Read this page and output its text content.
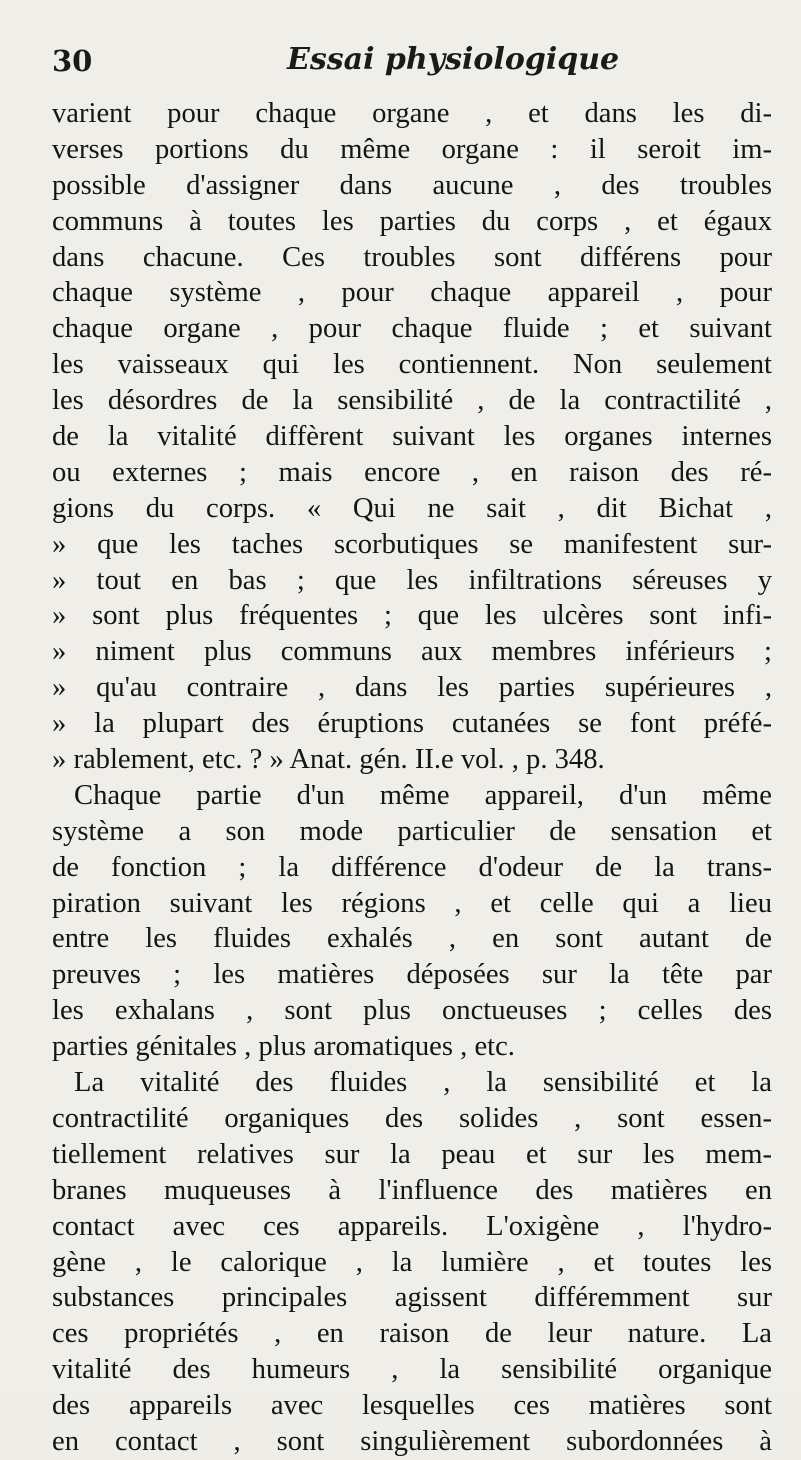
30	Essai physiologique
varient pour chaque organe , et dans les di-
verses portions du même organe : il seroit im-
possible d'assigner dans aucune , des troubles
communs à toutes les parties du corps , et égaux
dans chacune. Ces troubles sont différens pour
chaque système , pour chaque appareil , pour
chaque organe , pour chaque fluide ; et suivant
les vaisseaux qui les contiennent. Non seulement
les désordres de la sensibilité , de la contractilité ,
de la vitalité diffèrent suivant les organes internes
ou externes ; mais encore , en raison des ré-
gions du corps. « Qui ne sait , dit Bichat ,
» que les taches scorbutiques se manifestent sur-
» tout en bas ; que les infiltrations séreuses y
» sont plus fréquentes ; que les ulcères sont infi-
» niment plus communs aux membres inférieurs ;
» qu'au contraire , dans les parties supérieures ,
» la plupart des éruptions cutanées se font préfé-
» rablement, etc. ? » Anat. gén. II.e vol. , p. 348.
Chaque partie d'un même appareil, d'un même
système a son mode particulier de sensation et
de fonction ; la différence d'odeur de la trans-
piration suivant les régions , et celle qui a lieu
entre les fluides exhalés , en sont autant de
preuves ; les matières déposées sur la tête par
les exhalans , sont plus onctueuses ; celles des
parties génitales , plus aromatiques , etc.
La vitalité des fluides , la sensibilité et la
contractilité organiques des solides , sont essen-
tiellement relatives sur la peau et sur les mem-
branes muqueuses à l'influence des matières en
contact avec ces appareils. L'oxigène , l'hydro-
gène , le calorique , la lumière , et toutes les
substances principales agissent différemment sur
ces propriétés , en raison de leur nature. La
vitalité des humeurs , la sensibilité organique
des appareils avec lesquelles ces matières sont
en contact , sont singulièrement subordonnées à
